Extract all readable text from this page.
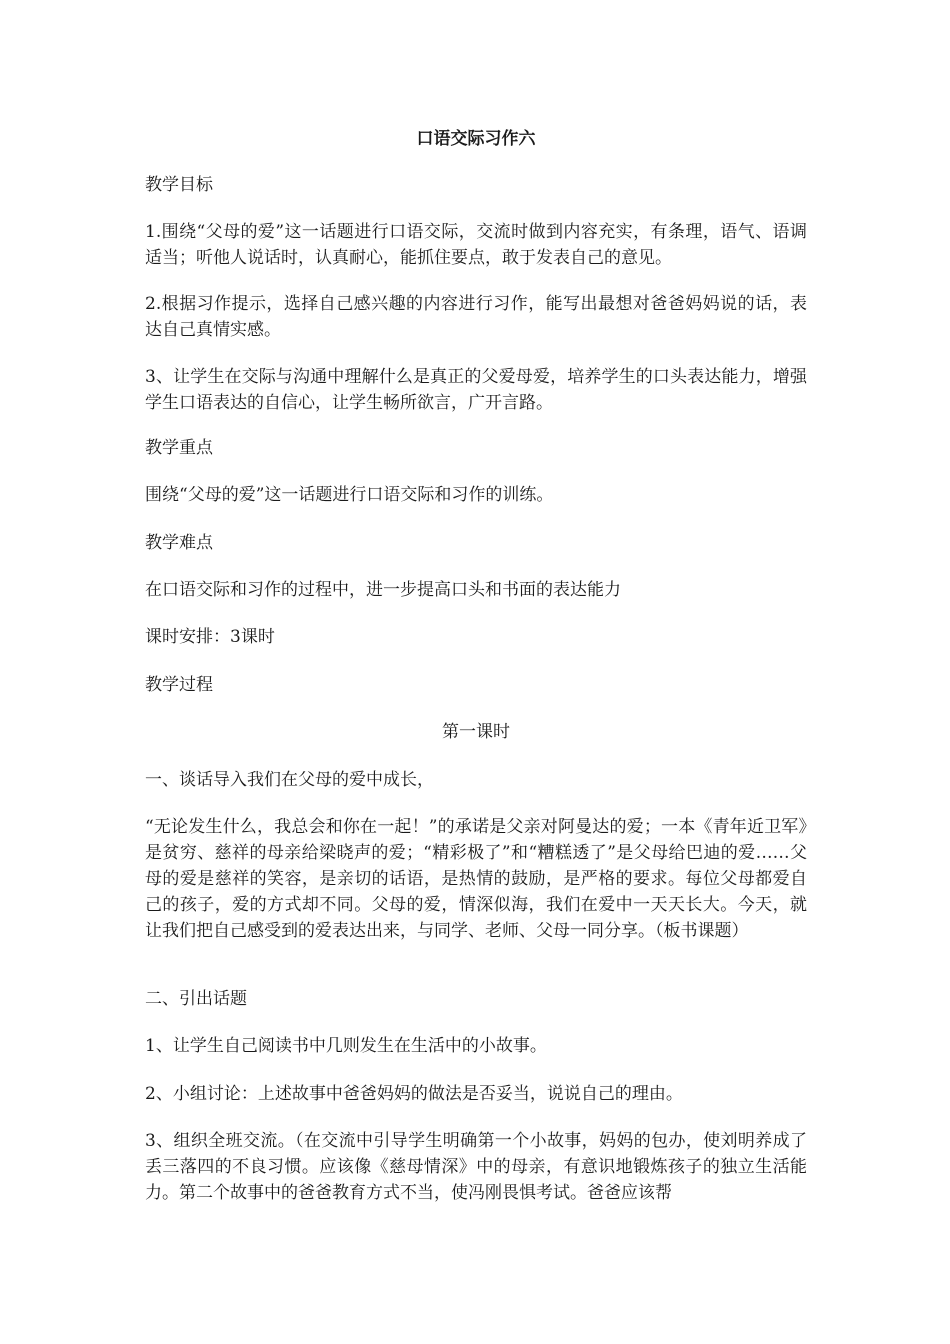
口语交际习作六
教学目标
1.围绕“父母的爱”这一话题进行口语交际，交流时做到内容充实，有条理，语气、语调适当；听他人说话时，认真耐心，能抓住要点，敢于发表自己的意见。
2.根据习作提示，选择自己感兴趣的内容进行习作，能写出最想对爸爸妈妈说的话，表达自己真情实感。
3、让学生在交际与沟通中理解什么是真正的父爱母爱，培养学生的口头表达能力，增强学生口语表达的自信心，让学生畅所欲言，广开言路。
教学重点
围绕“父母的爱”这一话题进行口语交际和习作的训练。
教学难点
在口语交际和习作的过程中，进一步提高口头和书面的表达能力
课时安排：3课时
教学过程
第一课时
一、谈话导入我们在父母的爱中成长，
“无论发生什么，我总会和你在一起！”的承诺是父亲对阿曼达的爱；一本《青年近卫军》是贫穷、慈祥的母亲给梁晓声的爱；“精彩极了”和“糟糕透了”是父母给巴迪的爱……父母的爱是慈祥的笑容，是亲切的话语，是热情的鼓励，是严格的要求。每位父母都爱自己的孩子，爱的方式却不同。父母的爱，情深似海，我们在爱中一天天长大。今天，就让我们把自己感受到的爱表达出来，与同学、老师、父母一同分享。（板书课题）
二、引出话题
1、让学生自己阅读书中几则发生在生活中的小故事。
2、小组讨论：上述故事中爸爸妈妈的做法是否妥当，说说自己的理由。
3、组织全班交流。（在交流中引导学生明确第一个小故事，妈妈的包办，使刘明养成了丢三落四的不良习惯。应该像《慈母情深》中的母亲，有意识地锻炼孩子的独立生活能力。第二个故事中的爸爸教育方式不当，使冯刚畏惧考试。爸爸应该帮
